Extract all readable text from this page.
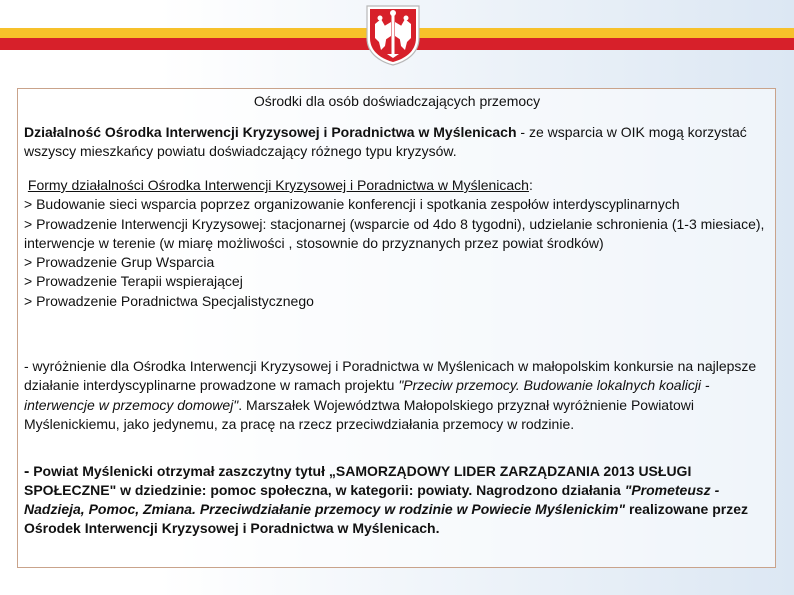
Ośrodki dla osób doświadczających przemocy
Działalność Ośrodka Interwencji Kryzysowej i Poradnictwa w Myślenicach - ze wsparcia w OIK mogą korzystać wszyscy mieszkańcy powiatu doświadczający różnego typu kryzysów.
Formy działalności Ośrodka Interwencji Kryzysowej i Poradnictwa w Myślenicach:
> Budowanie sieci wsparcia poprzez organizowanie konferencji i spotkania zespołów interdyscyplinarnych
> Prowadzenie Interwencji Kryzysowej: stacjonarnej (wsparcie od 4do 8 tygodni), udzielanie schronienia (1-3 miesiace), interwencje w terenie (w miarę możliwości , stosownie do przyznanych przez powiat środków)
> Prowadzenie Grup Wsparcia
> Prowadzenie Terapii wspierającej
> Prowadzenie Poradnictwa Specjalistycznego
- wyróżnienie dla Ośrodka Interwencji Kryzysowej i Poradnictwa w Myślenicach w małopolskim konkursie na najlepsze działanie interdyscyplinarne prowadzone w ramach projektu "Przeciw przemocy. Budowanie lokalnych koalicji - interwencje w przemocy domowej". Marszałek Województwa Małopolskiego przyznał wyróżnienie Powiatowi Myślenickiemu, jako jedynemu, za pracę na rzecz przeciwdziałania przemocy w rodzinie.
- Powiat Myślenicki otrzymał zaszczytny tytuł „SAMORZĄDOWY LIDER ZARZĄDZANIA 2013 USŁUGI SPOŁECZNE" w dziedzinie: pomoc społeczna, w kategorii: powiaty. Nagrodzono działania "Prometeusz - Nadzieja, Pomoc, Zmiana. Przeciwdziałanie przemocy w rodzinie w Powiecie Myślenickim" realizowane przez Ośrodek Interwencji Kryzysowej i Poradnictwa w Myślenicach.
